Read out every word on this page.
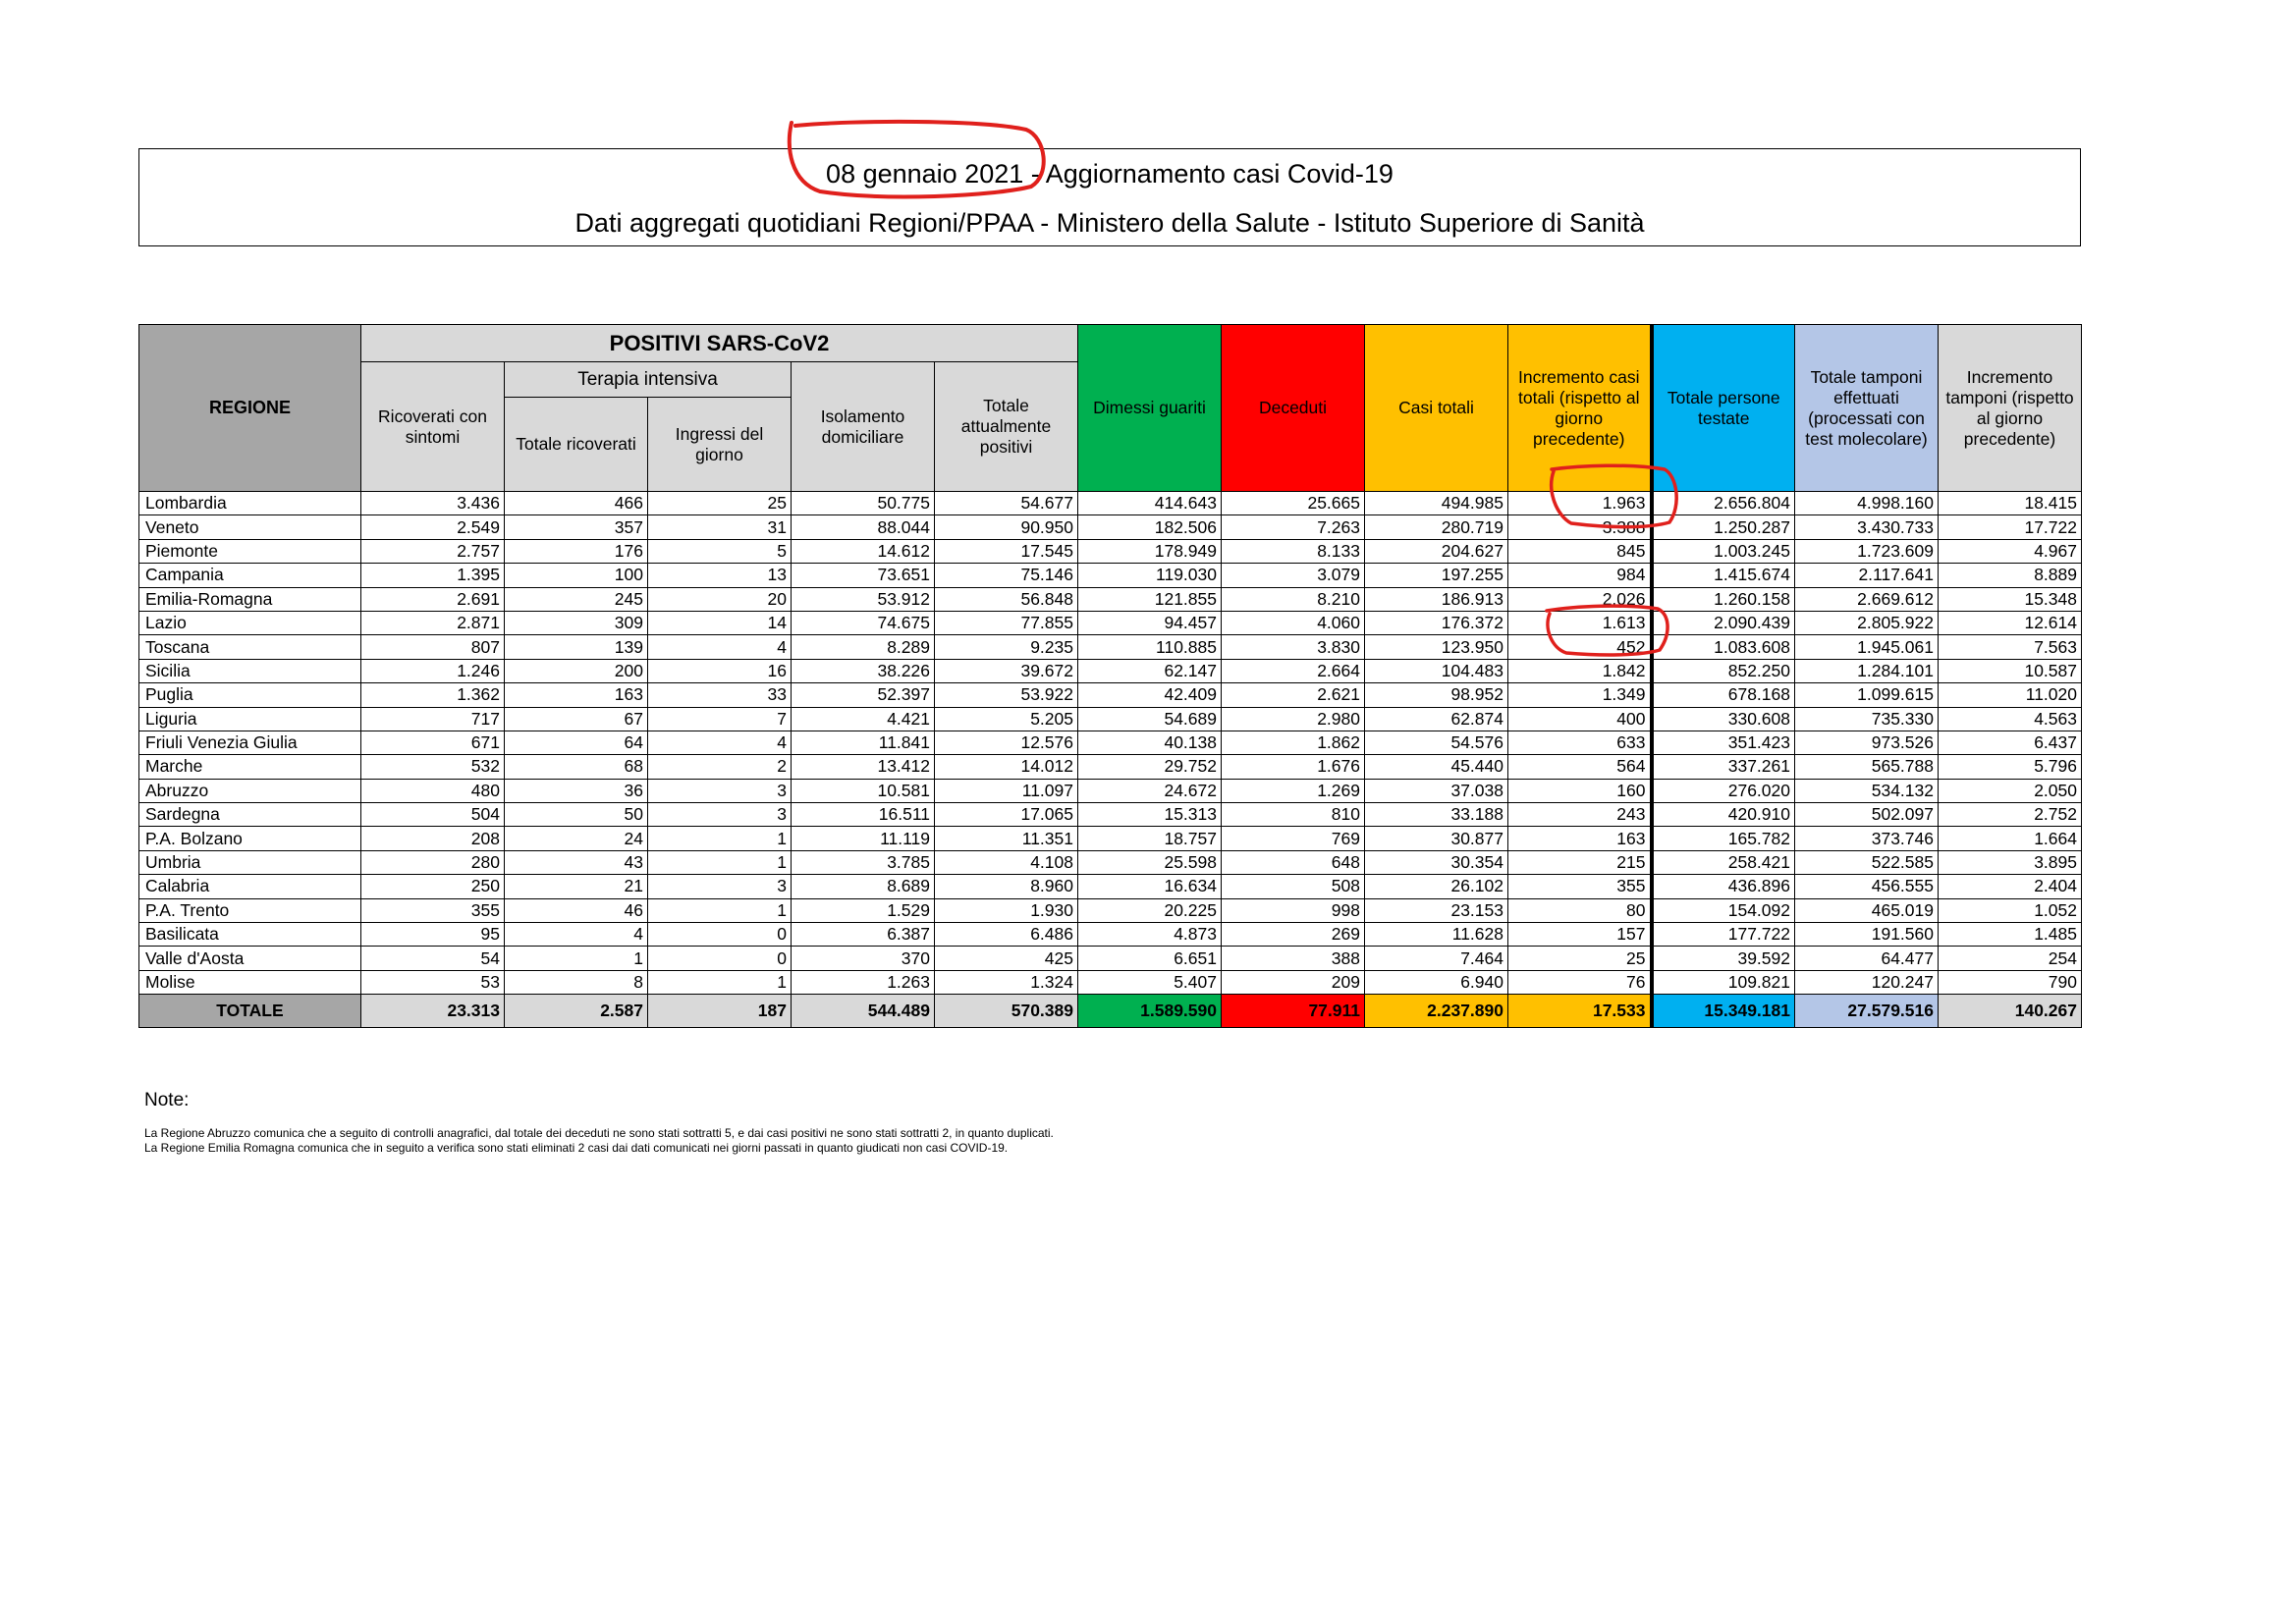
08 gennaio 2021 - Aggiornamento casi Covid-19
Dati aggregati quotidiani Regioni/PPAA - Ministero della Salute - Istituto Superiore di Sanità
REGIONE	POSITIVI SARS-CoV2					Dimessi guariti	Deceduti	Casi totali	Incremento casi totali (rispetto al giorno precedente)	Totale persone testate	Totale tamponi effettuati (processati con test molecolare)	Incremento tamponi (rispetto al giorno precedente)
	Ricoverati con sintomi	Terapia intensiva		Isolamento domiciliare	Totale attualmente positivi							
		Totale ricoverati	Ingressi del giorno									
Lombardia	3.436	466	25	50.775	54.677	414.643	25.665	494.985	1.963	2.656.804	4.998.160	18.415
Veneto	2.549	357	31	88.044	90.950	182.506	7.263	280.719	3.388	1.250.287	3.430.733	17.722
Piemonte	2.757	176	5	14.612	17.545	178.949	8.133	204.627	845	1.003.245	1.723.609	4.967
Campania	1.395	100	13	73.651	75.146	119.030	3.079	197.255	984	1.415.674	2.117.641	8.889
Emilia-Romagna	2.691	245	20	53.912	56.848	121.855	8.210	186.913	2.026	1.260.158	2.669.612	15.348
Lazio	2.871	309	14	74.675	77.855	94.457	4.060	176.372	1.613	2.090.439	2.805.922	12.614
Toscana	807	139	4	8.289	9.235	110.885	3.830	123.950	452	1.083.608	1.945.061	7.563
Sicilia	1.246	200	16	38.226	39.672	62.147	2.664	104.483	1.842	852.250	1.284.101	10.587
Puglia	1.362	163	33	52.397	53.922	42.409	2.621	98.952	1.349	678.168	1.099.615	11.020
Liguria	717	67	7	4.421	5.205	54.689	2.980	62.874	400	330.608	735.330	4.563
Friuli Venezia Giulia	671	64	4	11.841	12.576	40.138	1.862	54.576	633	351.423	973.526	6.437
Marche	532	68	2	13.412	14.012	29.752	1.676	45.440	564	337.261	565.788	5.796
Abruzzo	480	36	3	10.581	11.097	24.672	1.269	37.038	160	276.020	534.132	2.050
Sardegna	504	50	3	16.511	17.065	15.313	810	33.188	243	420.910	502.097	2.752
P.A. Bolzano	208	24	1	11.119	11.351	18.757	769	30.877	163	165.782	373.746	1.664
Umbria	280	43	1	3.785	4.108	25.598	648	30.354	215	258.421	522.585	3.895
Calabria	250	21	3	8.689	8.960	16.634	508	26.102	355	436.896	456.555	2.404
P.A. Trento	355	46	1	1.529	1.930	20.225	998	23.153	80	154.092	465.019	1.052
Basilicata	95	4	0	6.387	6.486	4.873	269	11.628	157	177.722	191.560	1.485
Valle d'Aosta	54	1	0	370	425	6.651	388	7.464	25	39.592	64.477	254
Molise	53	8	1	1.263	1.324	5.407	209	6.940	76	109.821	120.247	790
TOTALE	23.313	2.587	187	544.489	570.389	1.589.590	77.911	2.237.890	17.533	15.349.181	27.579.516	140.267
Note:
La Regione Abruzzo comunica che a seguito di controlli anagrafici, dal totale dei deceduti ne sono stati sottratti 5, e dai casi positivi ne sono stati sottratti 2, in quanto duplicati.
La Regione Emilia Romagna comunica che in seguito a verifica sono stati eliminati 2 casi dai dati comunicati nei giorni passati in quanto giudicati non casi COVID-19.
